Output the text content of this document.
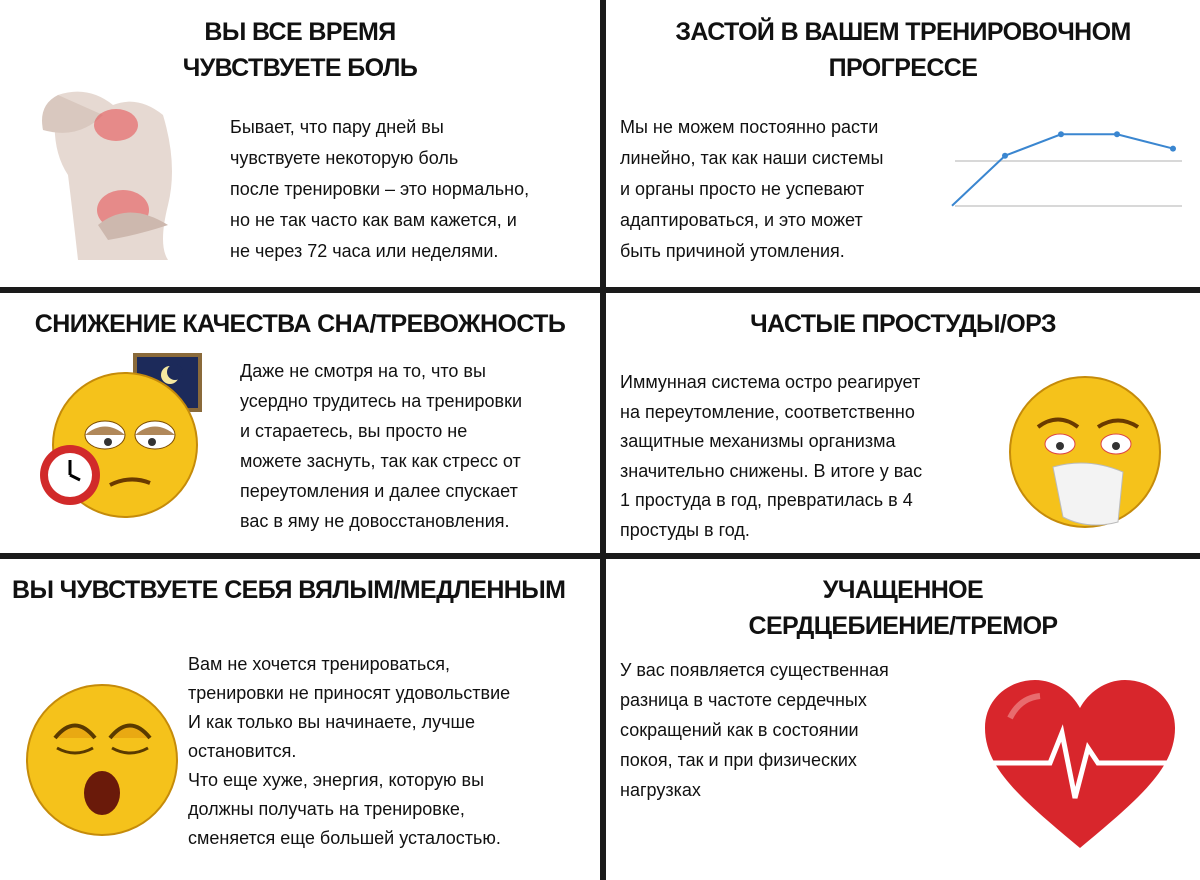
ВЫ ВСЕ ВРЕМЯ
ЧУВСТВУЕТЕ БОЛЬ
Бывает, что пару дней вы
чувствуете некоторую боль
после тренировки – это нормально,
но не так часто как вам кажется, и
не через 72 часа или неделями.
ЗАСТОЙ В ВАШЕМ ТРЕНИРОВОЧНОМ
ПРОГРЕССЕ
Мы не можем постоянно расти
линейно, так как наши системы
и органы просто не успевают
адаптироваться, и это может
быть причиной утомления.
СНИЖЕНИЕ КАЧЕСТВА СНА/ТРЕВОЖНОСТЬ
Даже не смотря на то, что вы
усердно трудитесь на тренировки
и стараетесь, вы просто не
можете заснуть, так как стресс от
переутомления и далее спускает
вас в яму не довосстановления.
ЧАСТЫЕ ПРОСТУДЫ/ОРЗ
Иммунная система остро реагирует
на переутомление, соответственно
защитные механизмы организма
значительно снижены. В итоге у вас
1 простуда в год, превратилась в 4
простуды в год.
ВЫ ЧУВСТВУЕТЕ СЕБЯ ВЯЛЫМ/МЕДЛЕННЫМ
Вам не хочется тренироваться,
тренировки не приносят удовольствие
И как только вы начинаете, лучше
остановится.
Что еще хуже, энергия, которую вы
должны получать на тренировке,
сменяется еще большей усталостью.
УЧАЩЕННОЕ
СЕРДЦЕБИЕНИЕ/ТРЕМОР
У вас появляется существенная
разница в частоте сердечных
сокращений как в состоянии
покоя, так и при физических
нагрузках
